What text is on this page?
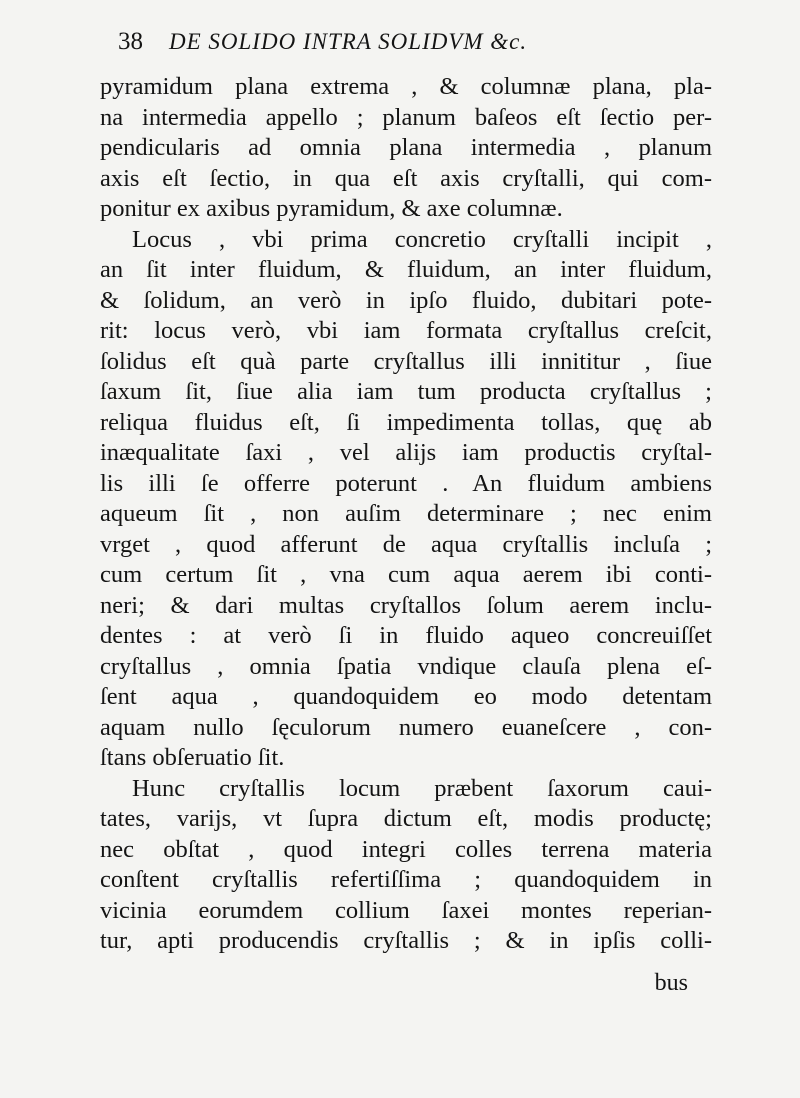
38 DE SOLIDO INTRA SOLIDVM &c.
pyramidum plana extrema , & columnæ plana, pla-
na intermedia appello ; planum baſeos eſt ſectio per-
pendicularis ad omnia plana intermedia , planum
axis eſt ſectio, in qua eſt axis cryſtalli, qui com-
ponitur ex axibus pyramidum, & axe columnæ.
Locus , vbi prima concretio cryſtalli incipit ,
an ſit inter fluidum, & fluidum, an inter fluidum,
& ſolidum, an verò in ipſo fluido, dubitari pote-
rit: locus verò, vbi iam formata cryſtallus creſcit,
ſolidus eſt quà parte cryſtallus illi innititur , ſiue
ſaxum ſit, ſiue alia iam tum producta cryſtallus ;
reliqua fluidus eſt, ſi impedimenta tollas, quę ab
inæqualitate ſaxi , vel alijs iam productis cryſtal-
lis illi ſe offerre poterunt . An fluidum ambiens
aqueum ſit , non auſim determinare ; nec enim
vrget , quod afferunt de aqua cryſtallis incluſa ;
cum certum ſit , vna cum aqua aerem ibi conti-
neri; & dari multas cryſtallos ſolum aerem inclu-
dentes : at verò ſi in fluido aqueo concreuiſſet
cryſtallus , omnia ſpatia vndique clauſa plena eſ-
ſent aqua , quandoquidem eo modo detentam
aquam nullo ſęculorum numero euaneſcere , con-
ſtans obſeruatio ſit.
Hunc cryſtallis locum præbent ſaxorum caui-
tates, varijs, vt ſupra dictum eſt, modis productę;
nec obſtat , quod integri colles terrena materia
conſtent cryſtallis refertiſſima ; quandoquidem in
vicinia eorumdem collium ſaxei montes reperian-
tur, apti producendis cryſtallis ; & in ipſis colli-
bus
